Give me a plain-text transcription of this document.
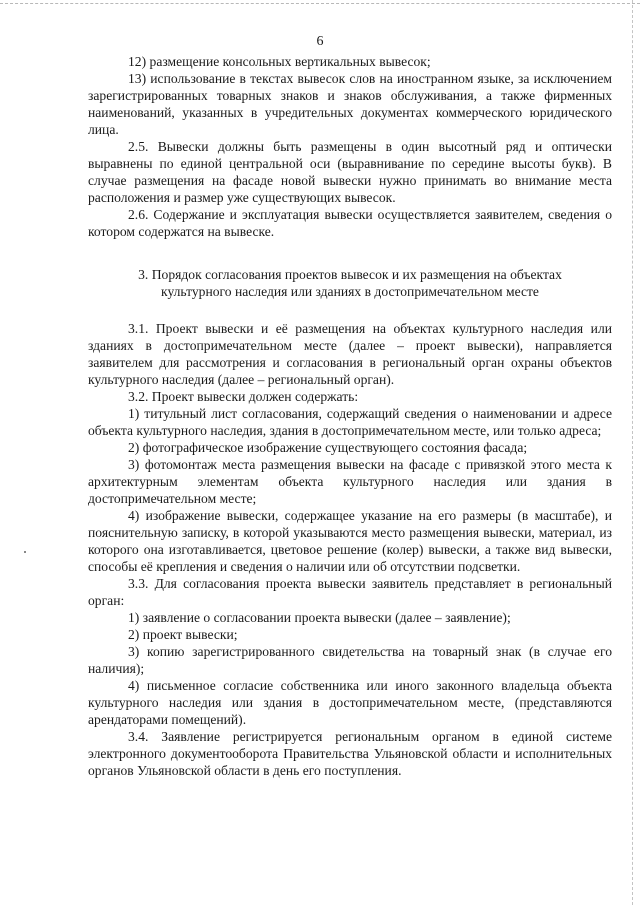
6

12) размещение консольных вертикальных вывесок;

13) использование в текстах вывесок слов на иностранном языке, за исключением зарегистрированных товарных знаков и знаков обслуживания, а также фирменных наименований, указанных в учредительных документах коммерческого юридического лица.

2.5. Вывески должны быть размещены в один высотный ряд и оптически выравнены по единой центральной оси (выравнивание по середине высоты букв). В случае размещения на фасаде новой вывески нужно принимать во внимание места расположения и размер уже существующих вывесок.

2.6. Содержание и эксплуатация вывески осуществляется заявителем, сведения о котором содержатся на вывеске.

3. Порядок согласования проектов вывесок и их размещения на объектах
культурного наследия или зданиях в достопримечательном месте

3.1. Проект вывески и её размещения на объектах культурного наследия или зданиях в достопримечательном месте (далее – проект вывески), направляется заявителем для рассмотрения и согласования в региональный орган охраны объектов культурного наследия (далее – региональный орган).

3.2. Проект вывески должен содержать:

1) титульный лист согласования, содержащий сведения о наименовании и адресе объекта культурного наследия, здания в достопримечательном месте, или только адреса;

2) фотографическое изображение существующего состояния фасада;

3) фотомонтаж места размещения вывески на фасаде с привязкой этого места к архитектурным элементам объекта культурного наследия или здания в достопримечательном месте;

4) изображение вывески, содержащее указание на его размеры (в масштабе), и пояснительную записку, в которой указываются место размещения вывески, материал, из которого она изготавливается, цветовое решение (колер) вывески, а также вид вывески, способы её крепления и сведения о наличии или об отсутствии подсветки.

3.3. Для согласования проекта вывески заявитель представляет в региональный орган:

1) заявление о согласовании проекта вывески (далее – заявление);

2) проект вывески;

3) копию зарегистрированного свидетельства на товарный знак (в случае его наличия);

4) письменное согласие собственника или иного законного владельца объекта культурного наследия или здания в достопримечательном месте, (представляются арендаторами помещений).

3.4. Заявление регистрируется региональным органом в единой системе электронного документооборота Правительства Ульяновской области и исполнительных органов Ульяновской области в день его поступления.
